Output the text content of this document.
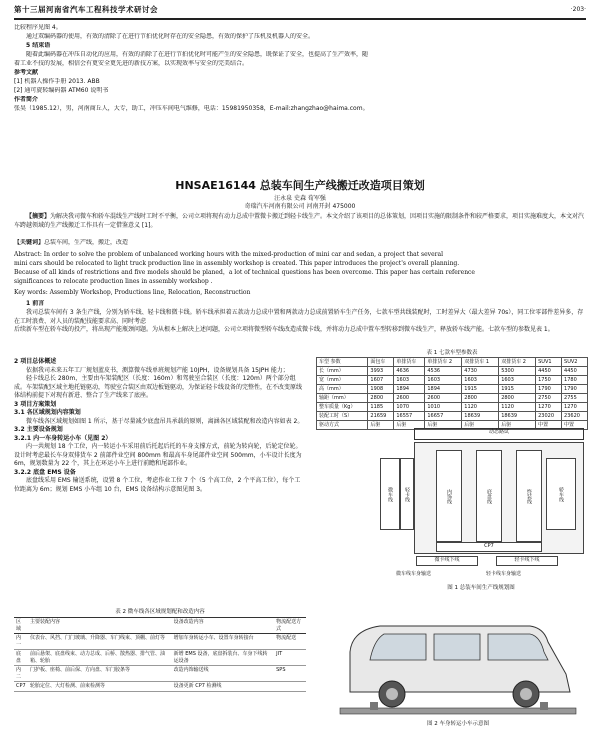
第十三届河南省汽车工程科技学术研讨会	·203·
比较程序见图 4。
通过双编码器的使用，有效的清除了在进行节拍优化时存在的安全隐患，有效的保护了压机及机器人的安全。
5 结束语
随着此编码器在冲压自动化的应用，有效的消除了在进行节拍优化时可能产生的安全隐患，既保证了安全，也提高了生产效率，随
着工业不技的发展，相信会有更安全更先进的新技方案，以实现效率与安全的完美结合。
参考文献
[1] 机器人操作手册 2013. ABB
[2] 通可旋转编码器 ATM60 说明书
作者简介
张昊（1985.12），男，河南商丘人，大专，助工，冲压车间电气维修，电话：15981950358，E-mail:zhangzhao@haima.com。
HNSAE16144 总装车间生产线搬迁改造项目策划
汪永泉 史森 荀军强
奇瑞汽车河南有限公司 河南开封 475000
【摘要】为解决我司微车和轿车混线生产线时工时不平衡，公司立项将现有动力总成中置微卡搬迁到轻卡线生产。本文介绍了该项目的总体策划，因项目实施的限制条件和较严格要求，项目实施难度大，本文对汽车跨越领域的生产线搬迁工作具有一定借鉴意义 [1]。
【关键词】总装车间，生产线，搬迁，改造
Abstract: In order to solve the problem of unbalanced working hours with the mixed-production of mini car and sedan, a project that several
mini cars should be relocated to light truck production line in assembly workshop is created. This paper introduces the project's overall planning.
Because of all kinds of restrictions and five models should be planed，a lot of technical questions has been overcome. This paper has certain reference
significances to relocate production lines in assembly workshop .
Key words: Assembly Workshop, Productions line, Relocation, Reconstruction
1 前言
我司总装车间有 3 条生产线，分别为轿车线、轻卡线和微卡线。轿车线承担着五款动力总成中置和两款动力总成前置轿车生产任务，七款车型共线装配时，工时差异大（最大差异 70s），同工位零部件差异多，存在工时浪费、对人员的装配技能要求高、同时考虑
后续新车型在轿车线的投产，将出现产能瓶颈问题。为从根本上解决上述问题，公司立项将微型轿车线改造成微卡线，并将动力总成中置车型转移到微车线生产，释放轿车线产能。七款车型的参数见表 1。
2 项目总体概述

依据我司未来五年工厂规划蓝皮书，测算微车线单班规划产能 10JPH，设备规划具备 15JPH 能力；

轻卡线总长 280m，主要由车架装配区（长度：160m）和驾驶室合装区（长度：120m）两个部分组成。车架装配区域主地托链驱动，驾驶室合装区由双边板链驱动，为保证轻卡线设备的完整性，在不改变原线体结构前提下对现有新进、整合了生产线来了底座。

3 项目方案策划
3.1 各区域规划内容策划

微车线各区域规划如图 1 所示，基于尽量减少底盘吊具承载的原则，离涵各区域装配和改造内容如表 2。

3.2 主要设备规划
3.2.1 内一车身转运小车（见图 2）

内一共规划 18 个工位，内一转运小车采用前后托起后托的车身支撑方式，前轮为转向轮，后轮定位轮。设计时考虑最长车身双排货车 2 前部件业空间 800mm 和最高车身尾部件业空间 500mm，小车设计长度为 6m，规划数量为 22 个，其上在环运小车上进行前瞻和尾部作业。

3.2.2 底盘 EMS 设备

底盘线采用 EMS 输送系统，设置 8 个工位，考虑作业工位 7 个（5 个高工位，2 个平高工位），每个工位距离为 6m；规划 EMS 小车组 10 台，EMS 设备结构示意图见图 3。

表 1 七款车型参数表
车型 参数	面包车	单排货车	单排货车 2	双排货车 1	双排货车 2	SUV1	SUV2
长（mm）	3993	4636	4536	4730	5300	4450	4450
宽（mm）	1607	1603	1603	1603	1603	1750	1780
高（mm）	1908	1894	1894	1915	1915	1790	1790
轴距（mm）	2800	2600	2600	2800	2800	2750	2755
整车质量（Kg）	1185	1070	1010	1120	1120	1270	1270
装配工时（S）	21659	16557	16657	18639	18639	23020	23620
驱动方式	后驱	后驱	后驱	后驱	后驱	中置	中置
动态路试
内饰线	底盘线	终装线	轿车线
CP7
微车线	轻卡线
微卡线下线	轻卡线下线
微车线车身输送	轻卡线车身输送
图 1 总装车间生产线规划图
表 2 微车线各区域规划配和改造内容
区域	主要装配内容	设备改造内容	物流配送方式
内一	仪表台、风挡、门门玻璃、升降器、车门线束、顶棚、前灯等	增加车身转运小车、设置车身转接台	物流配送
底盘	前后悬架、底盘线束、动力总成、后桥、散热器、排气管、油箱、轮胎	新增 EMS 设备，底盘拆装台、车身下线转运设备	JIT
内二	门护板、座椅、前后保、方向盘、车门胶条等	改造内饰输送线	SPS
CP7	轮胎定位、大灯检测、前束检测等	设备更新 CP7 检测线	
图 2 车身转运小车示意图
